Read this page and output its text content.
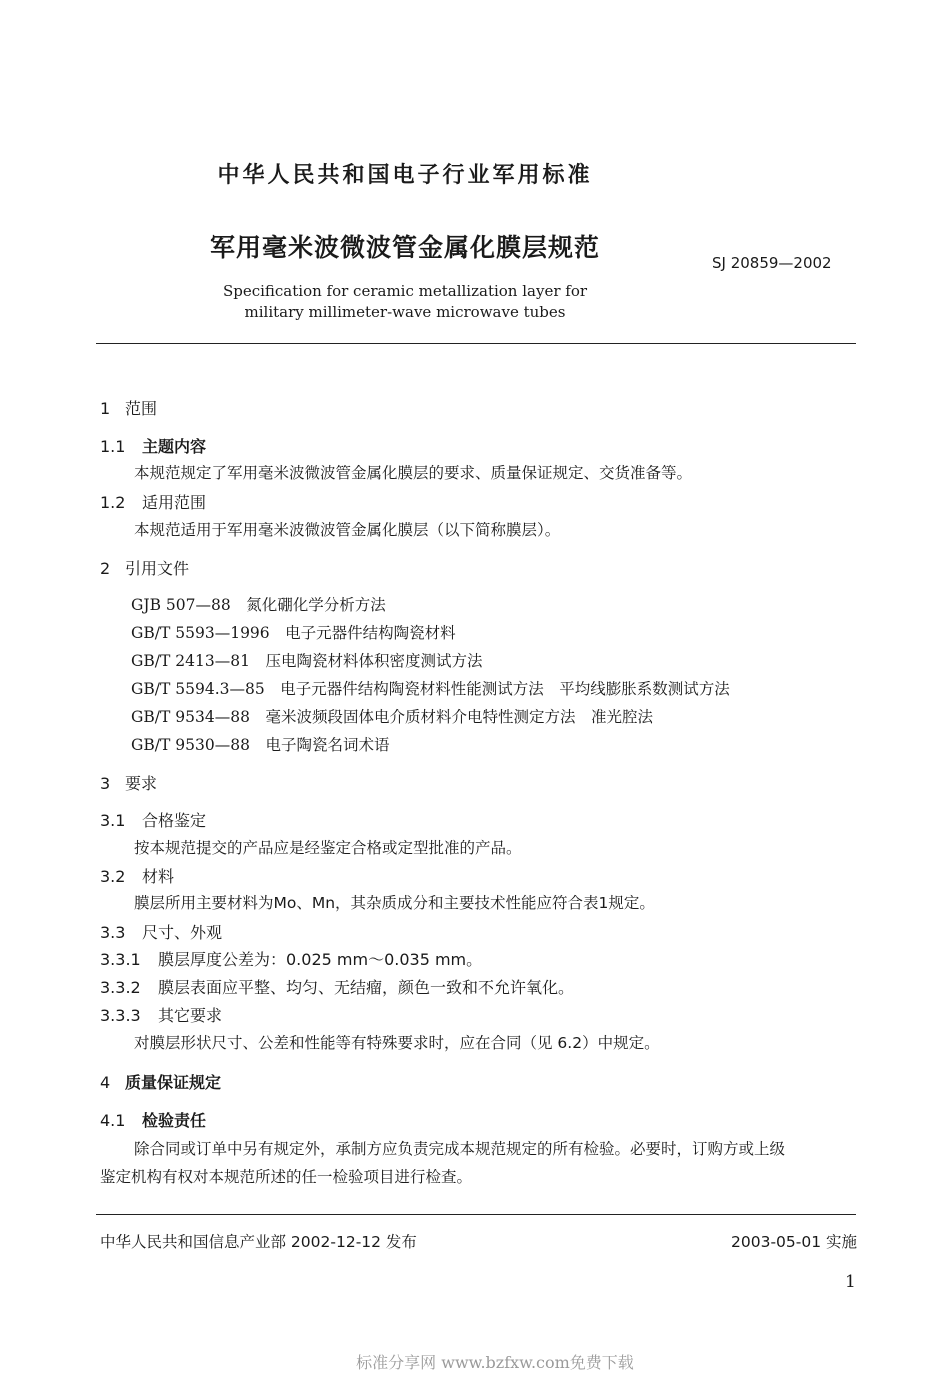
中华人民共和国电子行业军用标准
军用毫米波微波管金属化膜层规范
SJ 20859—2002
Specification for ceramic metallization layer for
military millimeter-wave microwave tubes
1 范围
1.1 主题内容
本规范规定了军用毫米波微波管金属化膜层的要求、质量保证规定、交货准备等。
1.2 适用范围
本规范适用于军用毫米波微波管金属化膜层（以下简称膜层）。
2 引用文件
GJB 507—88　 氮化硼化学分析方法
GB/T 5593—1996　 电子元器件结构陶瓷材料
GB/T 2413—81　 压电陶瓷材料体积密度测试方法
GB/T 5594.3—85　 电子元器件结构陶瓷材料性能测试方法　平均线膨胀系数测试方法
GB/T 9534—88　 毫米波频段固体电介质材料介电特性测定方法　准光腔法
GB/T 9530—88　 电子陶瓷名词术语
3 要求
3.1 合格鉴定
按本规范提交的产品应是经鉴定合格或定型批准的产品。
3.2 材料
膜层所用主要材料为Mo、Mn，其杂质成分和主要技术性能应符合表1规定。
3.3 尺寸、外观
3.3.1 膜层厚度公差为：0.025 mm～0.035 mm。
3.3.2 膜层表面应平整、均匀、无结瘤，颜色一致和不允许氧化。
3.3.3 其它要求
对膜层形状尺寸、公差和性能等有特殊要求时，应在合同（见 6.2）中规定。
4 质量保证规定
4.1 检验责任
除合同或订单中另有规定外，承制方应负责完成本规范规定的所有检验。必要时，订购方或上级
鉴定机构有权对本规范所述的任一检验项目进行检查。
中华人民共和国信息产业部 2002-12-12 发布	2003-05-01 实施
1
标准分享网 www.bzfxw.com免费下载
